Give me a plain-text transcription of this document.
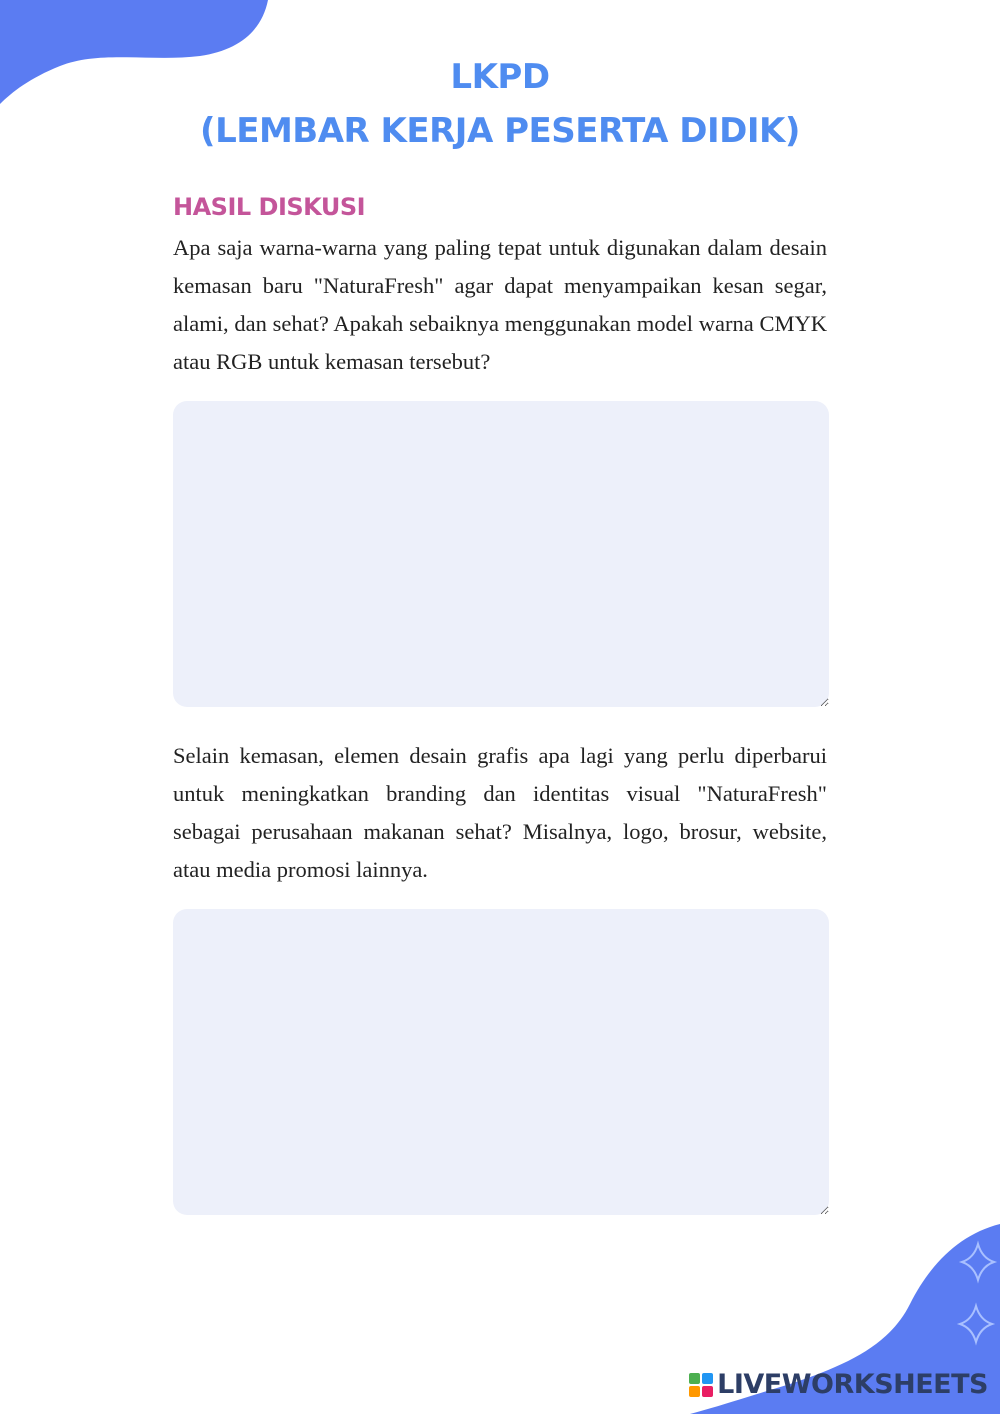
LKPD
(LEMBAR KERJA PESERTA DIDIK)
HASIL DISKUSI
Apa saja warna-warna yang paling tepat untuk digunakan dalam desain kemasan baru "NaturaFresh" agar dapat menyampaikan kesan segar, alami, dan sehat? Apakah sebaiknya menggunakan model warna CMYK atau RGB untuk kemasan tersebut?
Selain kemasan, elemen desain grafis apa lagi yang perlu diperbarui untuk meningkatkan branding dan identitas visual "NaturaFresh" sebagai perusahaan makanan sehat? Misalnya, logo, brosur, website, atau media promosi lainnya.
LIVEWORKSHEETS
